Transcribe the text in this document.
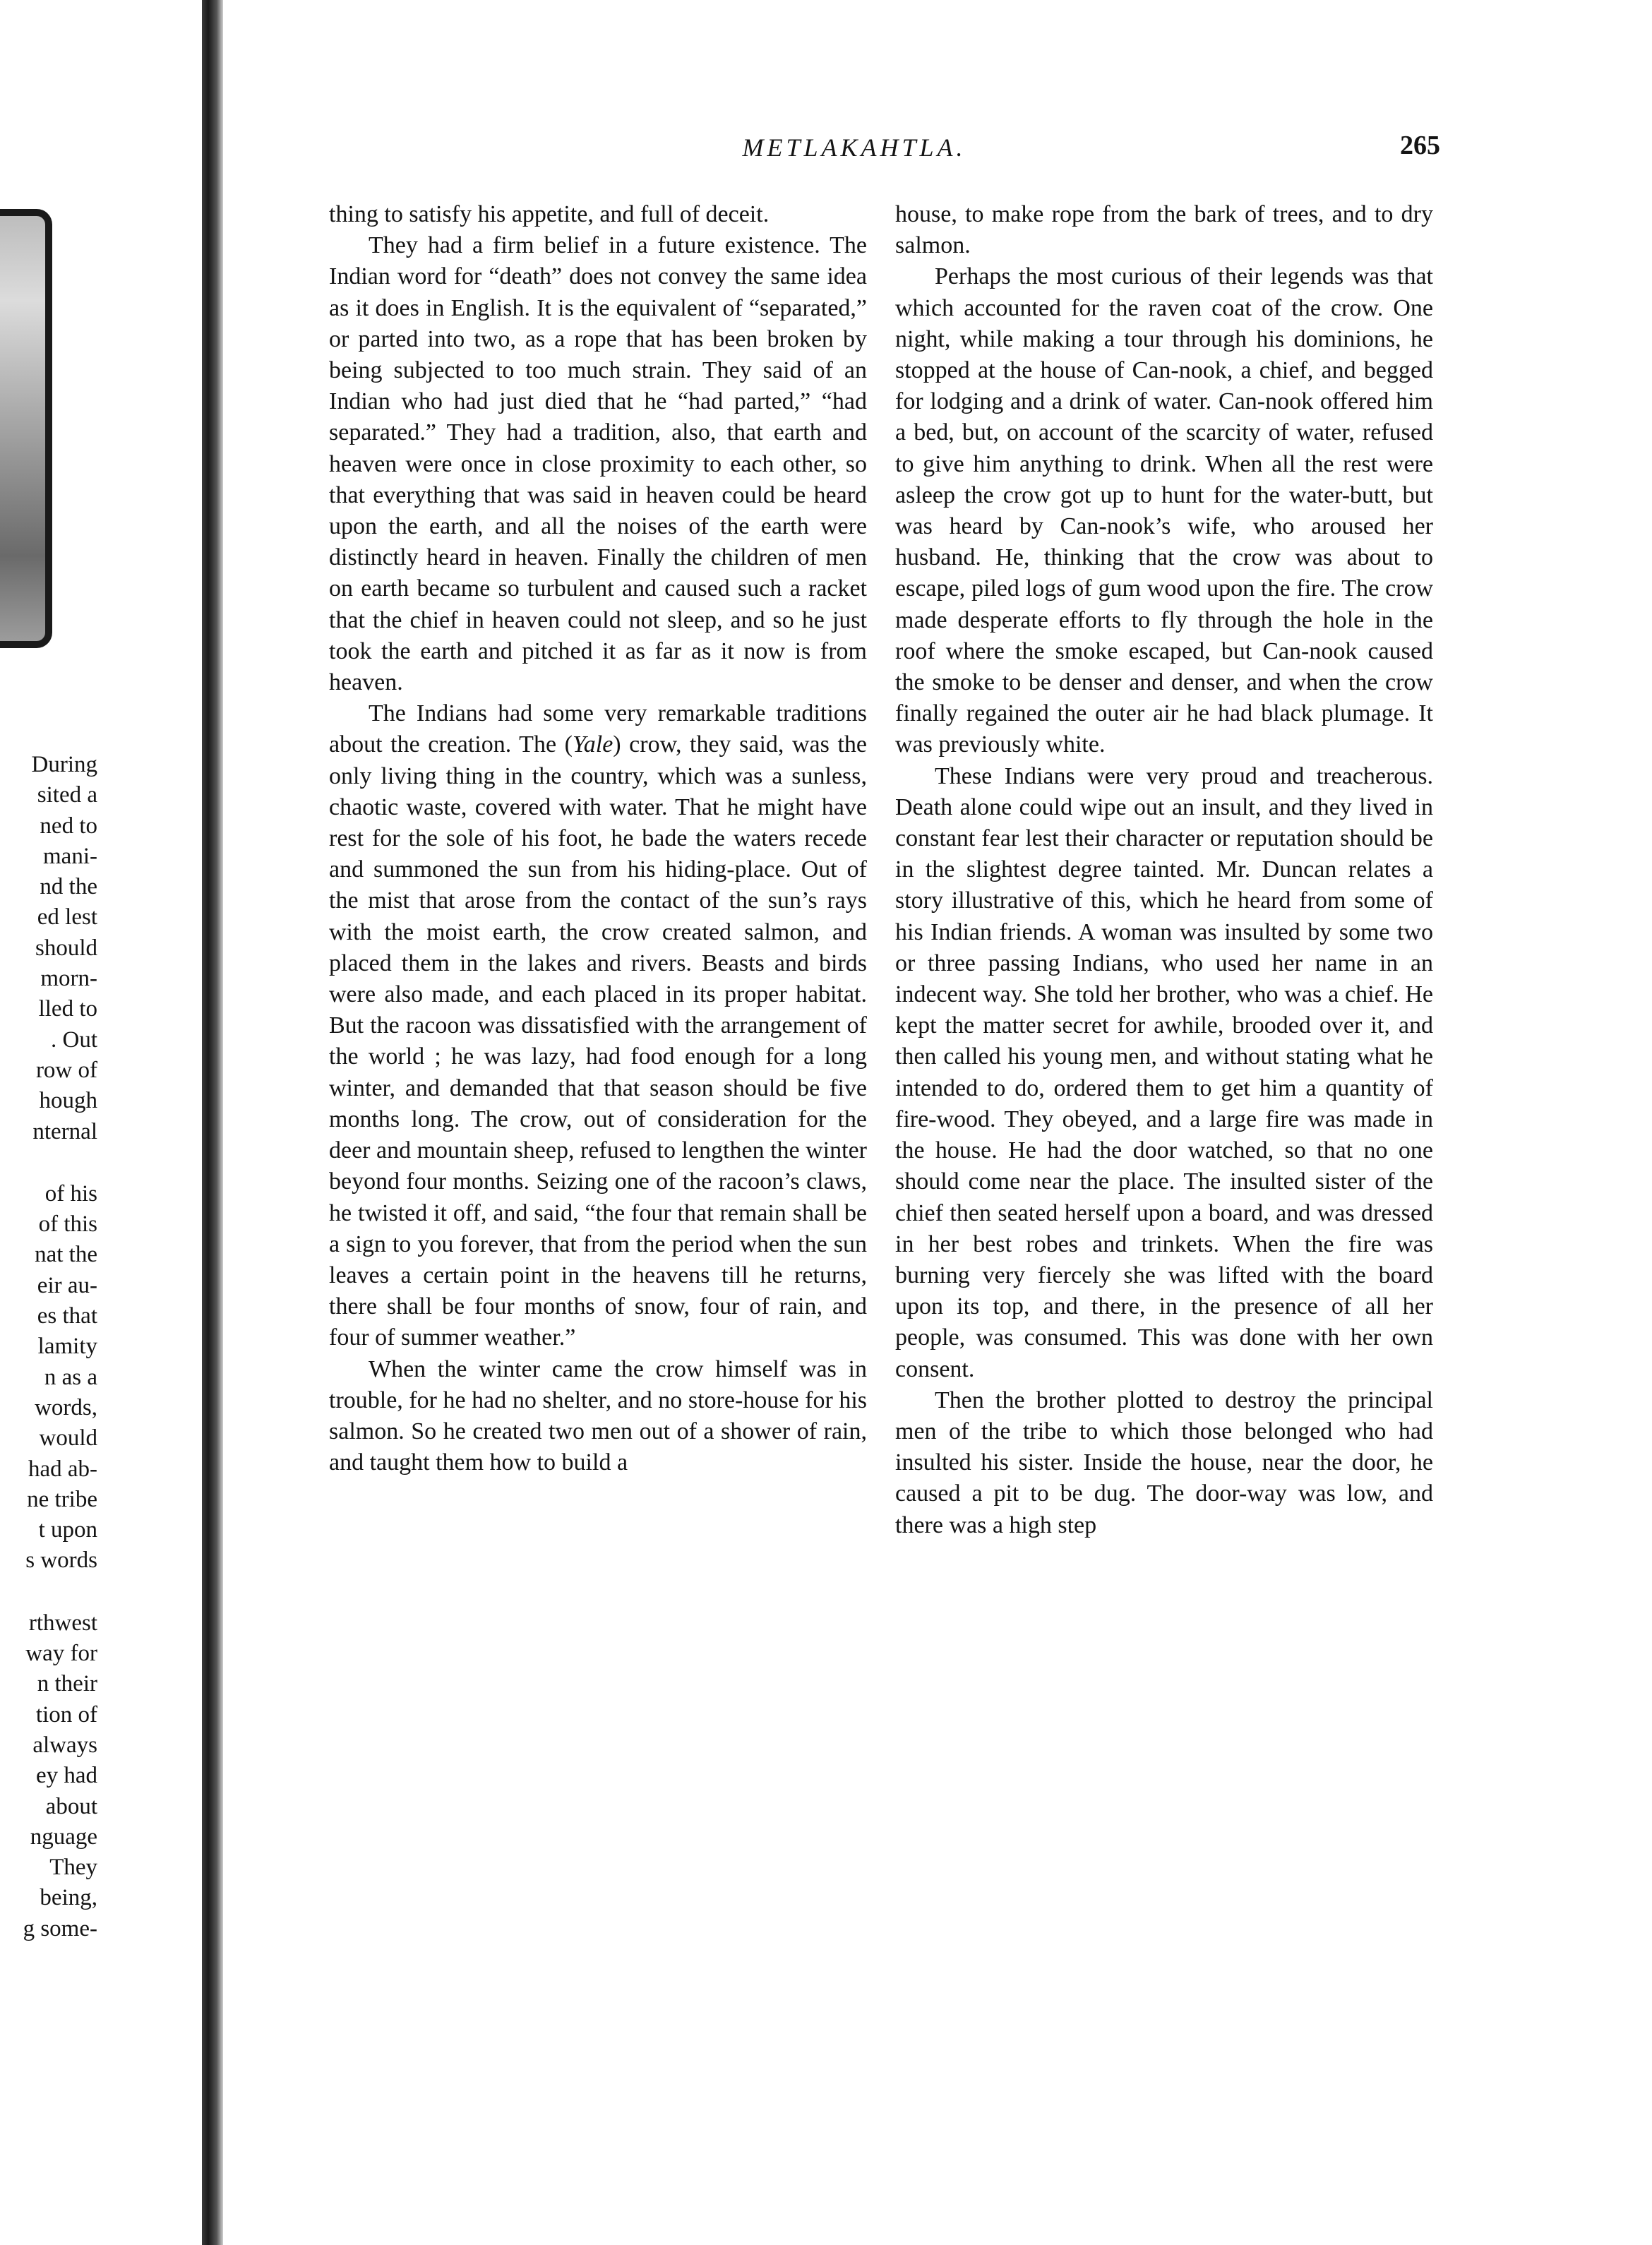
During
sited a
ned to
mani-
nd the
ed lest
should
morn-
lled to
. Out
row of
hough
nternal
of his
of this
nat the
eir au-
es that
lamity
n as a
words,
would
had ab-
ne tribe
t upon
s words
rthwest
way for
n their
tion of
always
ey had
about
nguage
They
being,
g some-
METLAKAHTLA.	265

thing to satisfy his appetite, and full of deceit.

They had a firm belief in a future existence. The Indian word for “death” does not convey the same idea as it does in English. It is the equivalent of “separated,” or parted into two, as a rope that has been broken by being subjected to too much strain. They said of an Indian who had just died that he “had parted,” “had separated.” They had a tradition, also, that earth and heaven were once in close proximity to each other, so that everything that was said in heaven could be heard upon the earth, and all the noises of the earth were distinctly heard in heaven. Finally the children of men on earth became so turbulent and caused such a racket that the chief in heaven could not sleep, and so he just took the earth and pitched it as far as it now is from heaven.

The Indians had some very remarkable traditions about the creation. The (Yale) crow, they said, was the only living thing in the country, which was a sunless, chaotic waste, covered with water. That he might have rest for the sole of his foot, he bade the waters recede and summoned the sun from his hiding-place. Out of the mist that arose from the contact of the sun’s rays with the moist earth, the crow created salmon, and placed them in the lakes and rivers. Beasts and birds were also made, and each placed in its proper habitat. But the racoon was dissatisfied with the arrangement of the world ; he was lazy, had food enough for a long winter, and demanded that that season should be five months long. The crow, out of consideration for the deer and mountain sheep, refused to lengthen the winter beyond four months. Seizing one of the racoon’s claws, he twisted it off, and said, “the four that remain shall be a sign to you forever, that from the period when the sun leaves a certain point in the heavens till he returns, there shall be four months of snow, four of rain, and four of summer weather.”

When the winter came the crow himself was in trouble, for he had no shelter, and no store-house for his salmon. So he created two men out of a shower of rain, and taught them how to build a

house, to make rope from the bark of trees, and to dry salmon.

Perhaps the most curious of their legends was that which accounted for the raven coat of the crow. One night, while making a tour through his dominions, he stopped at the house of Can-nook, a chief, and begged for lodging and a drink of water. Can-nook offered him a bed, but, on account of the scarcity of water, refused to give him anything to drink. When all the rest were asleep the crow got up to hunt for the water-butt, but was heard by Can-nook’s wife, who aroused her husband. He, thinking that the crow was about to escape, piled logs of gum wood upon the fire. The crow made desperate efforts to fly through the hole in the roof where the smoke escaped, but Can-nook caused the smoke to be denser and denser, and when the crow finally regained the outer air he had black plumage. It was previously white.

These Indians were very proud and treacherous. Death alone could wipe out an insult, and they lived in constant fear lest their character or reputation should be in the slightest degree tainted. Mr. Duncan relates a story illustrative of this, which he heard from some of his Indian friends. A woman was insulted by some two or three passing Indians, who used her name in an indecent way. She told her brother, who was a chief. He kept the matter secret for awhile, brooded over it, and then called his young men, and without stating what he intended to do, ordered them to get him a quantity of fire-wood. They obeyed, and a large fire was made in the house. He had the door watched, so that no one should come near the place. The insulted sister of the chief then seated herself upon a board, and was dressed in her best robes and trinkets. When the fire was burning very fiercely she was lifted with the board upon its top, and there, in the presence of all her people, was consumed. This was done with her own consent.

Then the brother plotted to destroy the principal men of the tribe to which those belonged who had insulted his sister. Inside the house, near the door, he caused a pit to be dug. The door-way was low, and there was a high step
